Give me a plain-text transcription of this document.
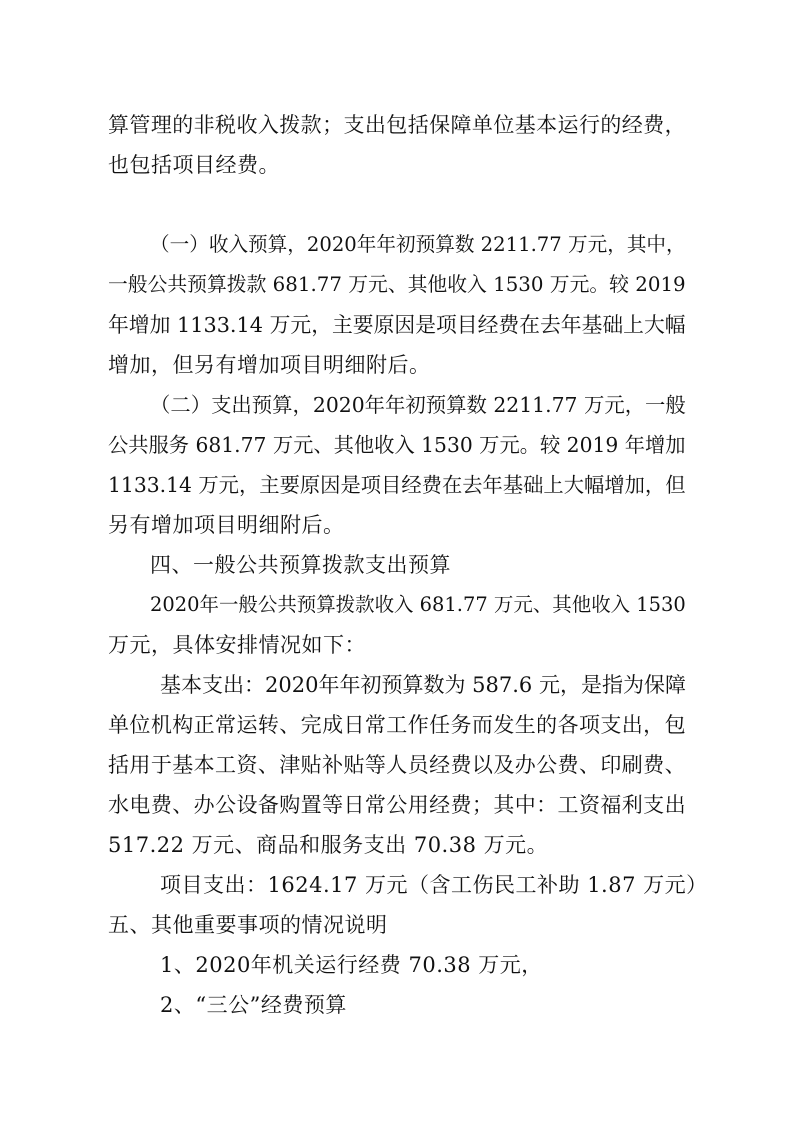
算管理的非税收入拨款；支出包括保障单位基本运行的经费，
也包括项目经费。
（一）收入预算，2020年年初预算数 2211.77 万元，其中，
一般公共预算拨款 681.77 万元、其他收入 1530 万元。较 2019
年增加 1133.14 万元，主要原因是项目经费在去年基础上大幅
增加，但另有增加项目明细附后。
（二）支出预算，2020年年初预算数 2211.77 万元，一般
公共服务 681.77 万元、其他收入 1530 万元。较 2019 年增加
1133.14 万元，主要原因是项目经费在去年基础上大幅增加，但
另有增加项目明细附后。
四、一般公共预算拨款支出预算
2020年一般公共预算拨款收入 681.77 万元、其他收入 1530
万元，具体安排情况如下：
基本支出：2020年年初预算数为 587.6 元，是指为保障
单位机构正常运转、完成日常工作任务而发生的各项支出，包
括用于基本工资、津贴补贴等人员经费以及办公费、印刷费、
水电费、办公设备购置等日常公用经费；其中：工资福利支出
517.22 万元、商品和服务支出 70.38 万元。
项目支出：1624.17 万元（含工伤民工补助 1.87 万元）
五、其他重要事项的情况说明
1、2020年机关运行经费 70.38 万元，
2、“三公”经费预算
